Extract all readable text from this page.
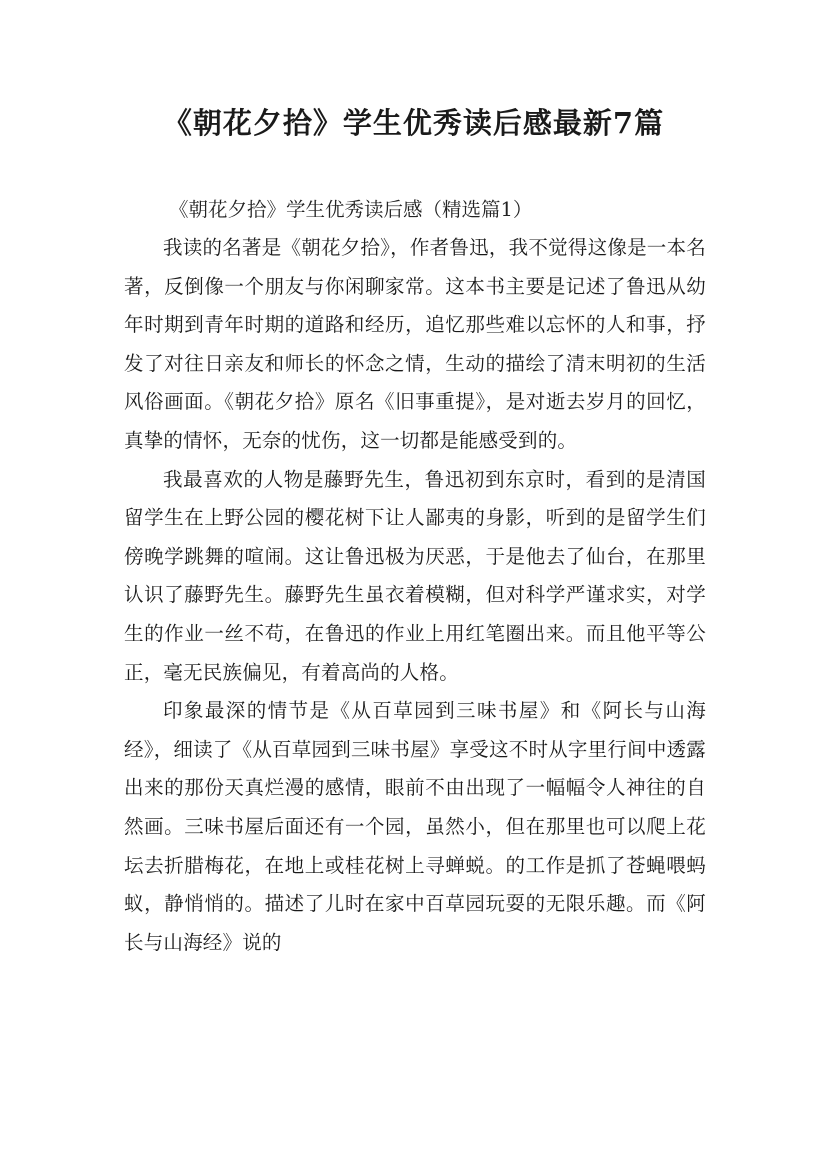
《朝花夕拾》学生优秀读后感最新7篇

《朝花夕拾》学生优秀读后感（精选篇1）

我读的名著是《朝花夕拾》，作者鲁迅，我不觉得这像是一本名著，反倒像一个朋友与你闲聊家常。这本书主要是记述了鲁迅从幼年时期到青年时期的道路和经历，追忆那些难以忘怀的人和事，抒发了对往日亲友和师长的怀念之情，生动的描绘了清末明初的生活风俗画面。《朝花夕拾》原名《旧事重提》，是对逝去岁月的回忆，真挚的情怀，无奈的忧伤，这一切都是能感受到的。

我最喜欢的人物是藤野先生，鲁迅初到东京时，看到的是清国留学生在上野公园的樱花树下让人鄙夷的身影，听到的是留学生们傍晚学跳舞的喧闹。这让鲁迅极为厌恶，于是他去了仙台，在那里认识了藤野先生。藤野先生虽衣着模糊，但对科学严谨求实，对学生的作业一丝不苟，在鲁迅的作业上用红笔圈出来。而且他平等公正，毫无民族偏见，有着高尚的人格。

印象最深的情节是《从百草园到三味书屋》和《阿长与山海经》，细读了《从百草园到三味书屋》享受这不时从字里行间中透露出来的那份天真烂漫的感情，眼前不由出现了一幅幅令人神往的自然画。三味书屋后面还有一个园，虽然小，但在那里也可以爬上花坛去折腊梅花，在地上或桂花树上寻蝉蜕。的工作是抓了苍蝇喂蚂蚁，静悄悄的。描述了儿时在家中百草园玩耍的无限乐趣。而《阿长与山海经》说的
